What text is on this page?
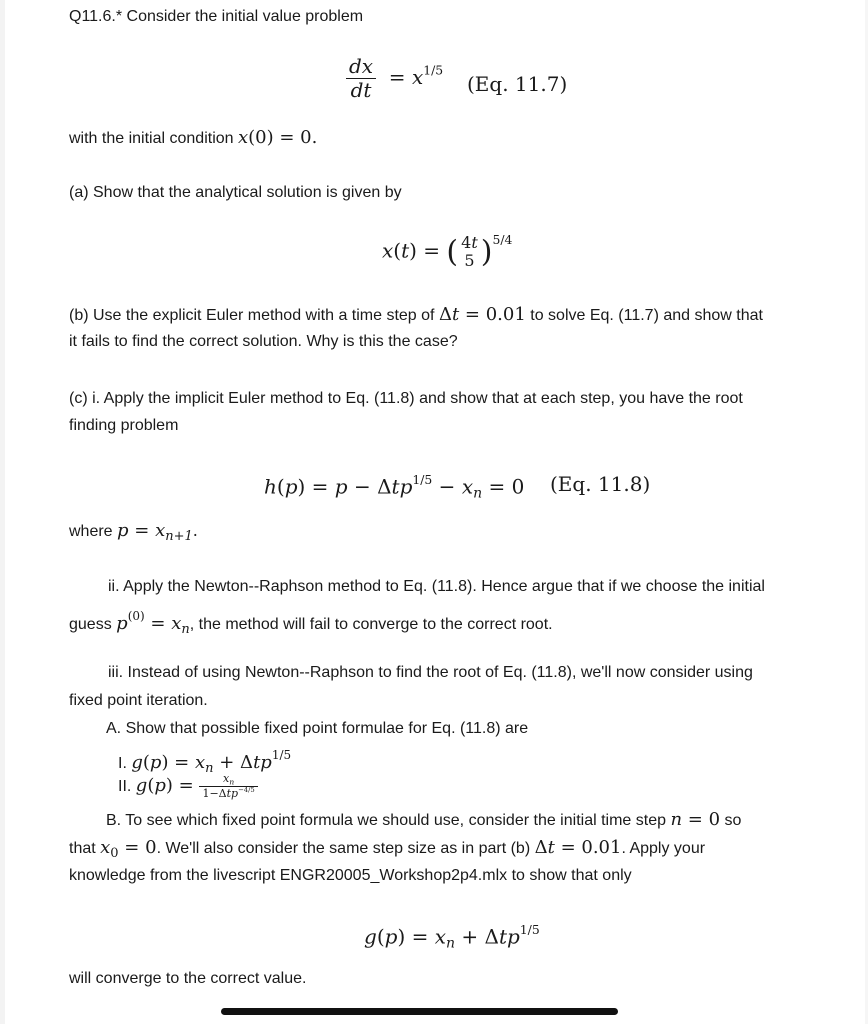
Q11.6.* Consider the initial value problem
$\frac{dx}{dt} = x^{1/5}$
(Eq. 11.7)
with the initial condition x(0) = 0.
(a) Show that the analytical solution is given by
x(t) = ( 4t
5 )$^{5/4}$
(b) Use the explicit Euler method with a time step of Δt = 0.01 to solve Eq. (11.7) and show that
it fails to find the correct solution. Why is this the case?
(c) i. Apply the implicit Euler method to Eq. (11.8) and show that at each step, you have the root
finding problem
$h(p) = p - \Delta tp^{1/5} - x_n = 0$ (Eq. 11.8)
where $p = x_{n+1}$.
ii. Apply the Newton--Raphson method to Eq. (11.8). Hence argue that if we choose the initial
guess $p^{(0)} = x_n$, the method will fail to converge to the correct root.
iii. Instead of using Newton--Raphson to find the root of Eq. (11.8), we'll now consider using
fixed point iteration.
A. Show that possible fixed point formulae for Eq. (11.8) are
I. $g(p) = x_n + \Delta tp^{1/5}$
II. $g(p) = \frac{x_n}{1-\Delta tp^{-4/5}}$
B. To see which fixed point formula we should use, consider the initial time step n = 0 so
that $x_0 = 0$. We'll also consider the same step size as in part (b) Δt = 0.01. Apply your
knowledge from the livescript ENGR20005_Workshop2p4.mlx to show that only
$g(p) = x_n + \Delta tp^{1/5}$
will converge to the correct value.
